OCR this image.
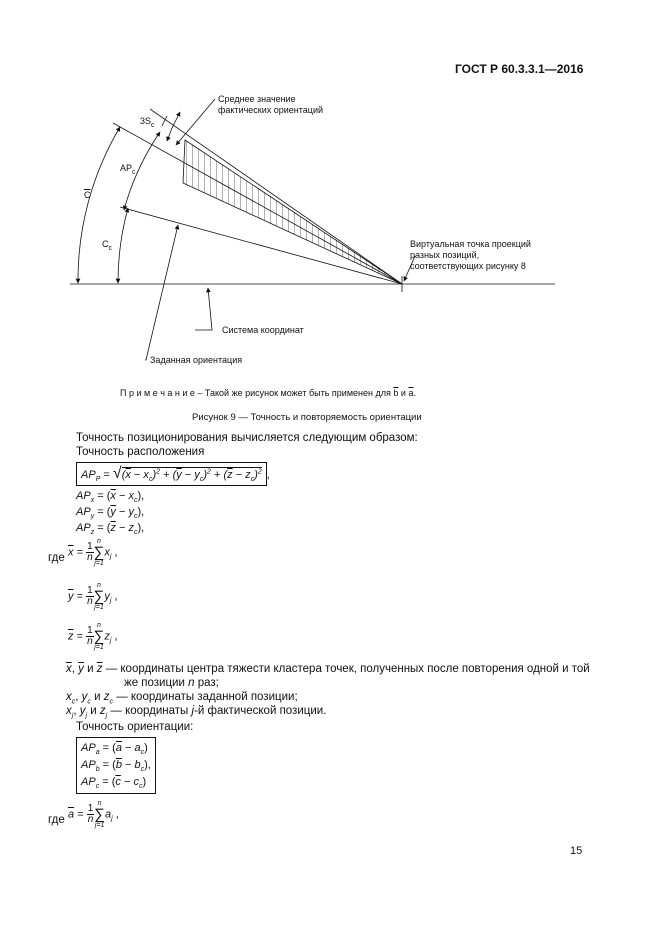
ГОСТ Р 60.3.3.1—2016
Среднее значение
фактических ориентаций
$3S_c$
$AP_c$
$\overline{C}$
$C_c$	Виртуальная точка проекций
разных позиций,
соответствующих рисунку 8
Система координат
Заданная ориентация
П р и м е ч а н и е – Такой же рисунок может быть применен для $\overline{b}$ и $\overline{a}$.
Рисунок 9 — Точность и повторяемость ориентации
Точность позиционирования вычисляется следующим образом:
Точность расположения
$AP_P = √(\overline{x} - x_c)^2 + (\overline{y} - y_c)^2 + (\overline{z} - z_c)^2$ ,
$AP_x = (\overline{x} - x_c)$,
$AP_y = (\overline{y} - y_c)$,
$AP_z = (\overline{z} - z_c)$,
где $\overline{x} = \frac{1}{n}$
n
∑
j=1
$x_j$ ,
$\overline{y} = \frac{1}{n}$
n
∑
j=1
$y_j$ ,
$\overline{z} = \frac{1}{n}$
n
∑
j=1
$z_j$ ,
$\overline{x}$, $\overline{y}$ и $\overline{z}$ — координаты центра тяжести кластера точек, полученных после повторения одной и той
же позиции n раз;
$x_c$, $y_c$ и $z_c$ — координаты заданной позиции;
$x_j$, $y_j$ и $z_j$ — координаты j-й фактической позиции.
Точность ориентации:
$AP_a = (\overline{a} - a_c)$
$AP_b = (\overline{b} - b_c)$,
$AP_c = (\overline{c} - c_c)$
где $\overline{a} = \frac{1}{n}$
n
∑
j=1
$a_j$ ,
15
